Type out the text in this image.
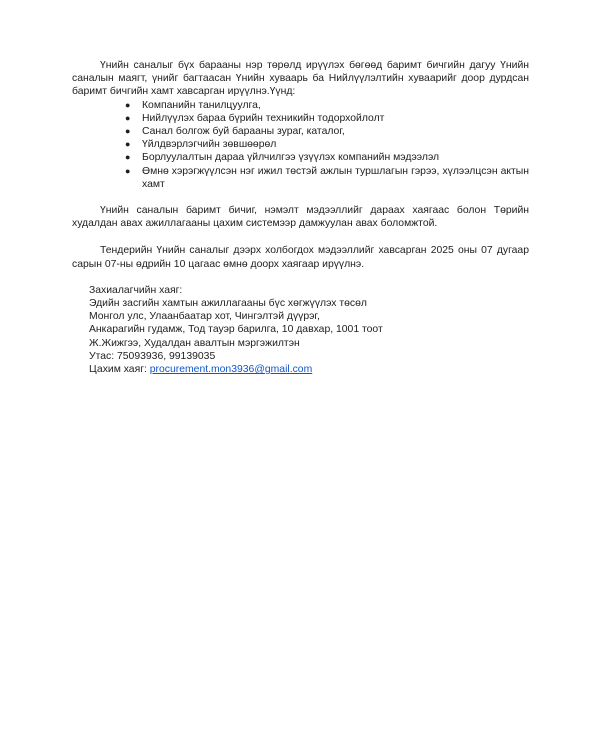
Үнийн саналыг бүх барааны нэр төрөлд ирүүлэх бөгөөд баримт бичгийн дагуу Үнийн саналын маягт, үнийг багтаасан Үнийн хуваарь ба Нийлүүлэлтийн хуваарийг доор дурдсан баримт бичгийн хамт хавсарган ирүүлнэ.Үүнд:

● Компанийн танилцуулга,
● Нийлүүлэх бараа бүрийн техникийн тодорхойлолт
● Санал болгож буй барааны зураг, каталог,
● Үйлдвэрлэгчийн зөвшөөрөл
● Борлуулалтын дараа үйлчилгээ үзүүлэх компанийн мэдээлэл
● Өмнө хэрэгжүүлсэн нэг ижил төстэй ажлын туршлагын гэрээ, хүлээлцсэн актын хамт

Үнийн саналын баримт бичиг, нэмэлт мэдээллийг дараах хаягаас болон Төрийн худалдан авах ажиллагааны цахим системээр дамжуулан авах боломжтой.

Тендерийн Үнийн саналыг дээрх холбогдох мэдээллийг хавсарган 2025 оны 07 дугаар сарын 07-ны өдрийн 10 цагаас өмнө доорх хаягаар ирүүлнэ.

Захиалагчийн хаяг:
Эдийн засгийн хамтын ажиллагааны бүс хөгжүүлэх төсөл
Монгол улс, Улаанбаатар хот, Чингэлтэй дүүрэг,
Анкарагийн гудамж, Тод тауэр барилга, 10 давхар, 1001 тоот
Ж.Жижгээ, Худалдан авалтын мэргэжилтэн
Утас: 75093936, 99139035
Цахим хаяг: procurement.mon3936@gmail.com
